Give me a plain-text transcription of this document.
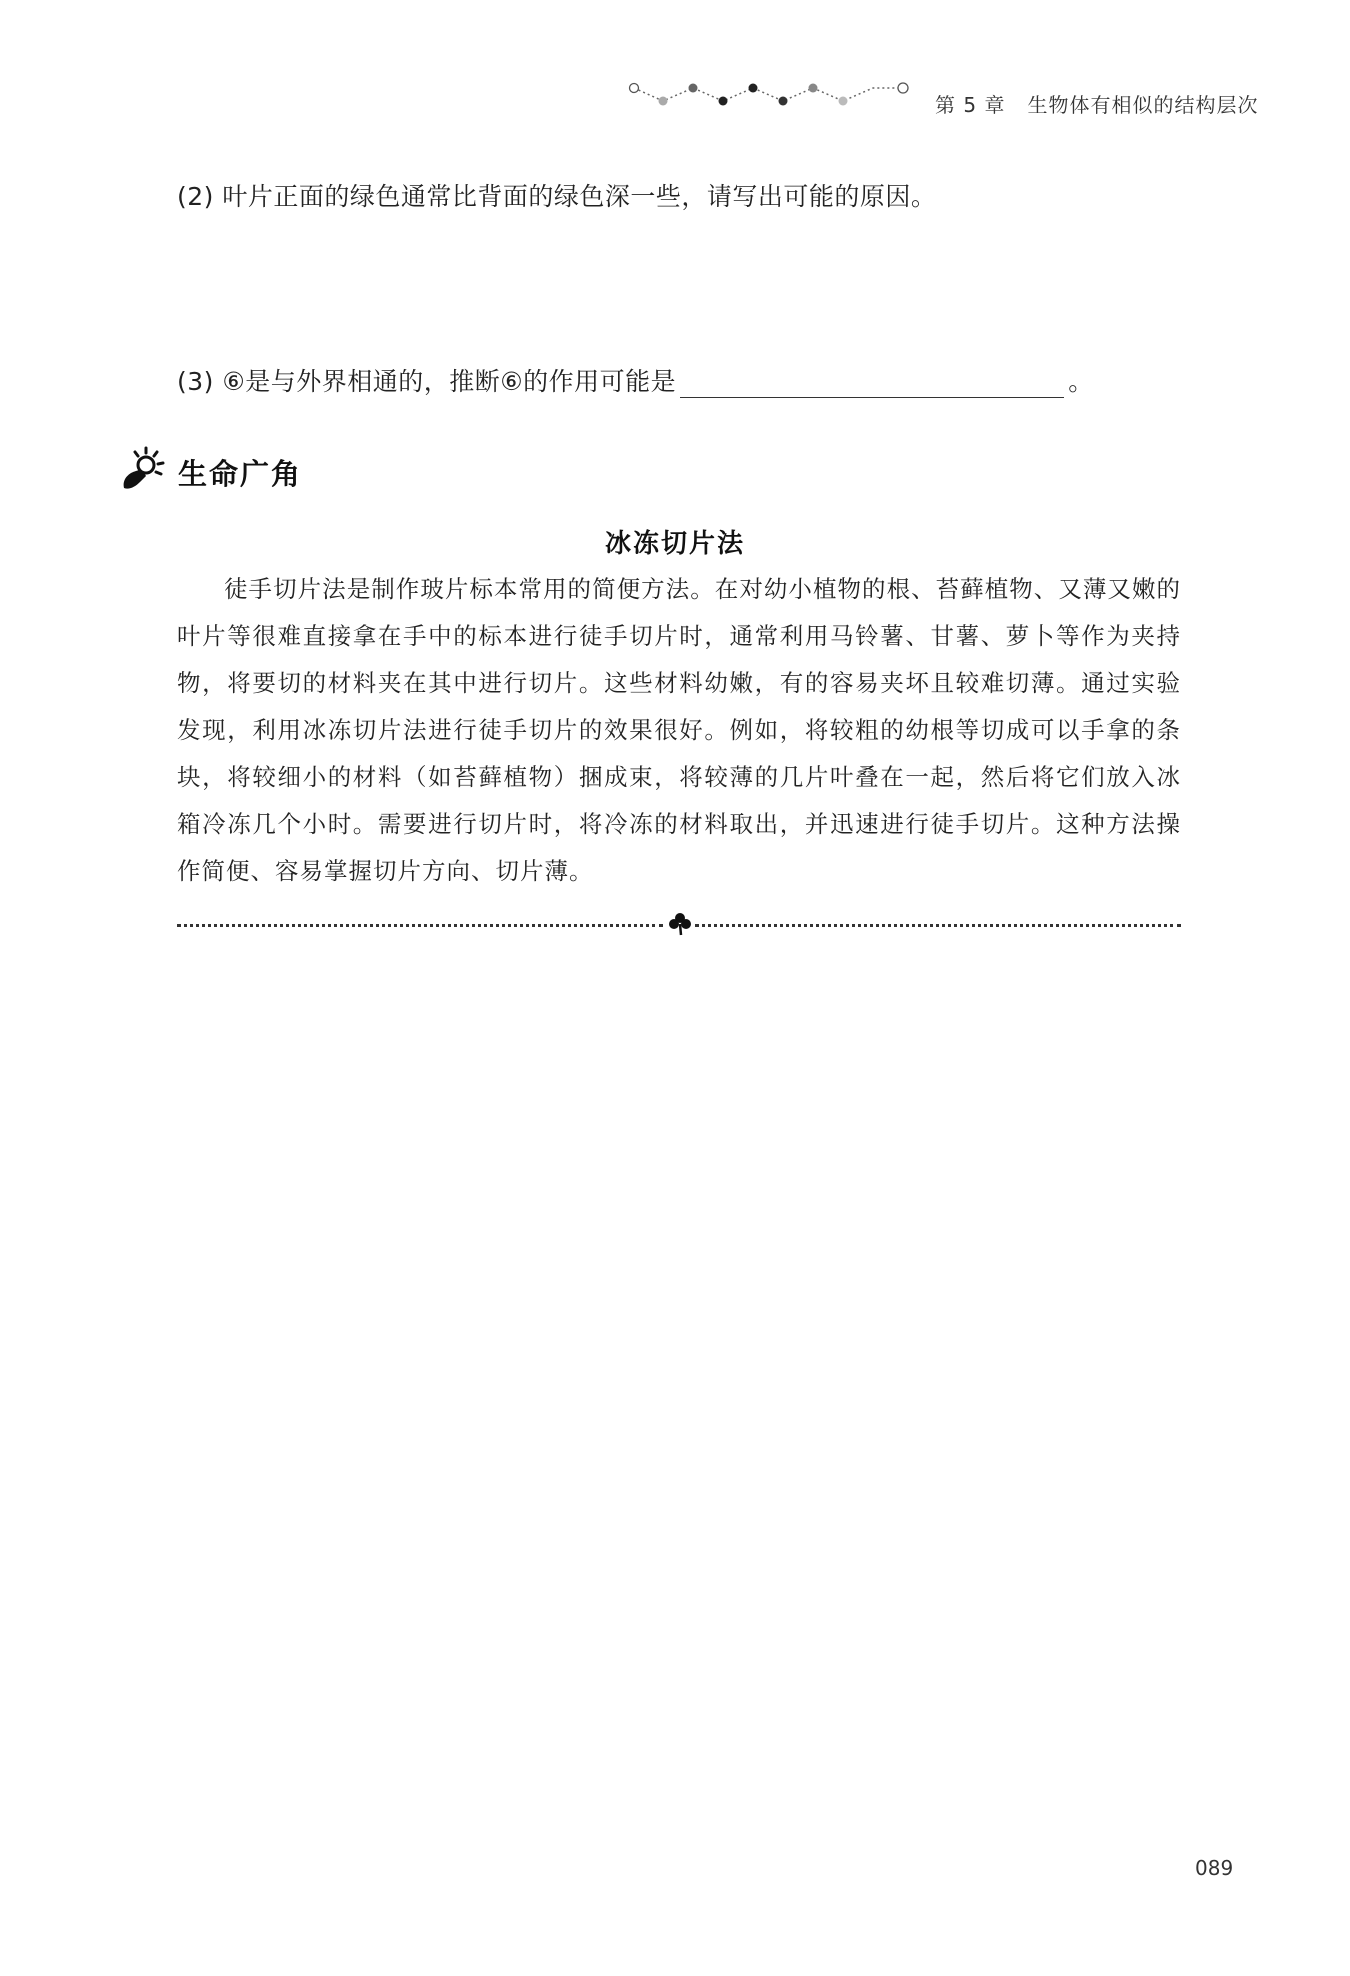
第 5 章 生物体有相似的结构层次
(2) 叶片正面的绿色通常比背面的绿色深一些，请写出可能的原因。
(3) ⑥是与外界相通的，推断⑥的作用可能是	。
生命广角
冰冻切片法

徒手切片法是制作玻片标本常用的简便方法。在对幼小植物的根、苔藓植物、又薄又嫩的叶片等很难直接拿在手中的标本进行徒手切片时，通常利用马铃薯、甘薯、萝卜等作为夹持物，将要切的材料夹在其中进行切片。这些材料幼嫩，有的容易夹坏且较难切薄。通过实验发现，利用冰冻切片法进行徒手切片的效果很好。例如，将较粗的幼根等切成可以手拿的条块，将较细小的材料（如苔藓植物）捆成束，将较薄的几片叶叠在一起，然后将它们放入冰箱冷冻几个小时。需要进行切片时，将冷冻的材料取出，并迅速进行徒手切片。这种方法操作简便、容易掌握切片方向、切片薄。

089
